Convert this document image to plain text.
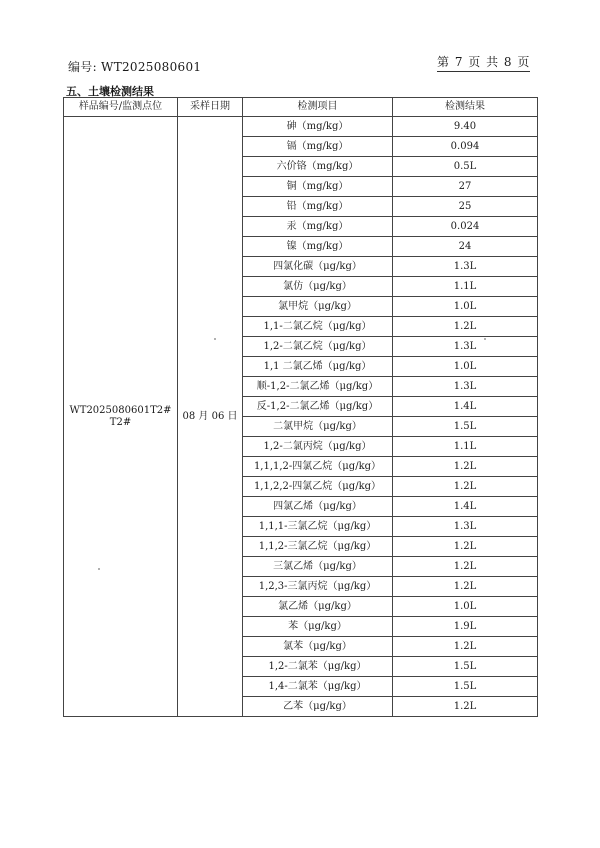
编号: WT2025080601	第 7 页 共 8 页
五、土壤检测结果
样品编号/监测点位	采样日期	检测项目	检测结果

WT2025080601T2#
T2#	08 月 06 日	砷（mg/kg）	9.40
		镉（mg/kg）	0.094
		六价铬（mg/kg）	0.5L
		铜（mg/kg）	27
		铅（mg/kg）	25
		汞（mg/kg）	0.024
		镍（mg/kg）	24
		四氯化碳（μg/kg）	1.3L
		氯仿（μg/kg）	1.1L
		氯甲烷（μg/kg）	1.0L
		1,1-二氯乙烷（μg/kg）	1.2L
		1,2-二氯乙烷（μg/kg）	1.3L
		1,1 二氯乙烯（μg/kg）	1.0L
		顺-1,2-二氯乙烯（μg/kg）	1.3L
		反-1,2-二氯乙烯（μg/kg）	1.4L
		二氯甲烷（μg/kg）	1.5L
		1,2-二氯丙烷（μg/kg）	1.1L
		1,1,1,2-四氯乙烷（μg/kg）	1.2L
		1,1,2,2-四氯乙烷（μg/kg）	1.2L
		四氯乙烯（μg/kg）	1.4L
		1,1,1-三氯乙烷（μg/kg）	1.3L
		1,1,2-三氯乙烷（μg/kg）	1.2L
		三氯乙烯（μg/kg）	1.2L
		1,2,3-三氯丙烷（μg/kg）	1.2L
		氯乙烯（μg/kg）	1.0L
		苯（μg/kg）	1.9L
		氯苯（μg/kg）	1.2L
		1,2-二氯苯（μg/kg）	1.5L
		1,4-二氯苯（μg/kg）	1.5L
		乙苯（μg/kg）	1.2L
